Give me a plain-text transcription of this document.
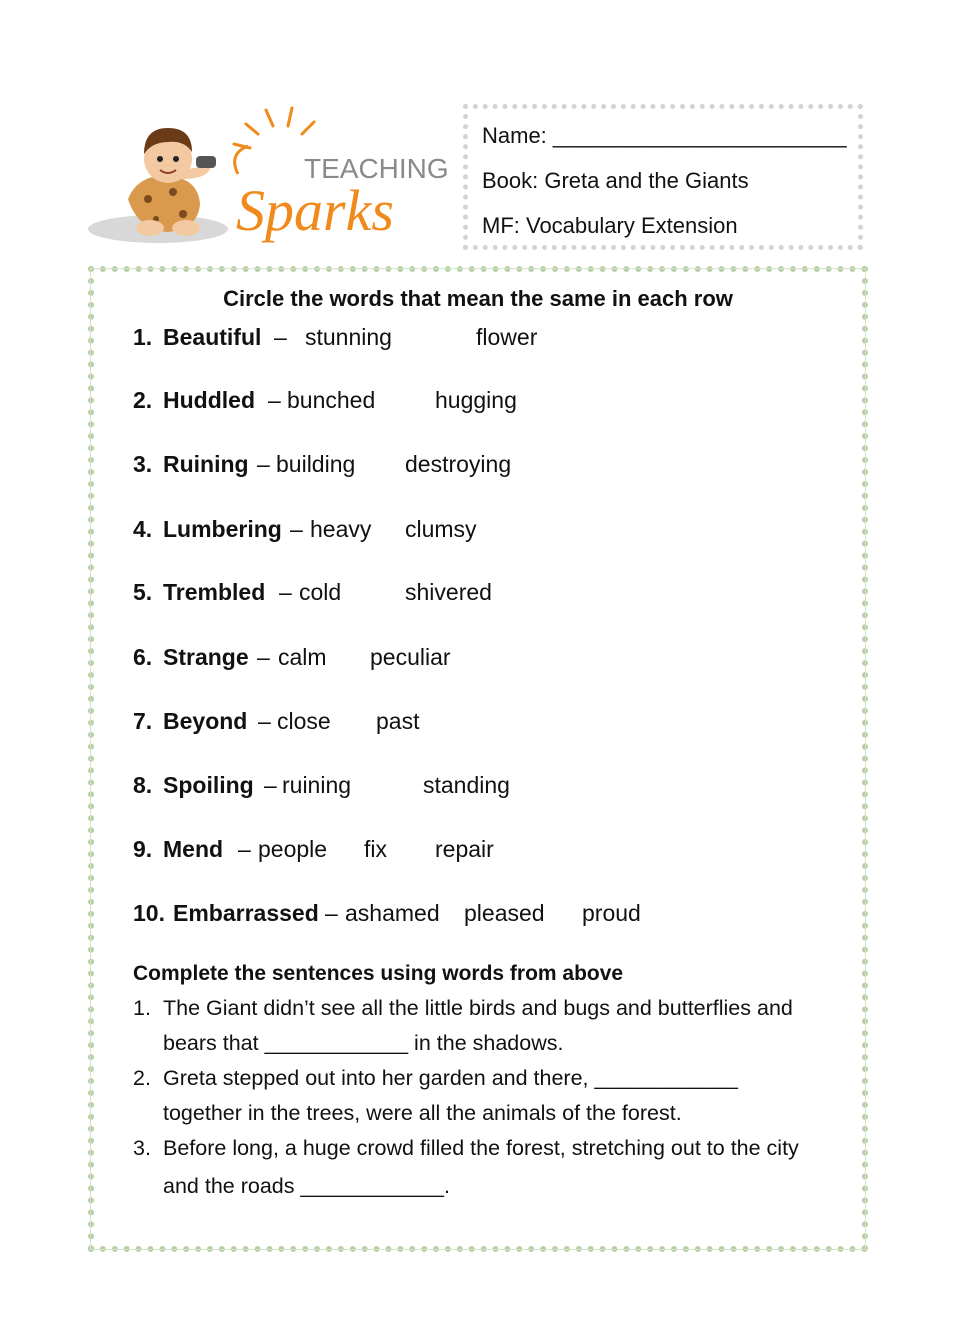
TEACHING
Sparks
Name: ________________________
Book: Greta and the Giants
MF: Vocabulary Extension
Circle the words that mean the same in each row
1. Beautiful – stunning	flower
2. Huddled – bunched	hugging
3. Ruining – building destroying
4. Lumbering – heavy clumsy
5. Trembled – cold	shivered
6. Strange – calm peculiar
7. Beyond – close past
8. Spoiling – ruining	standing
9. Mend – people fix repair
10. Embarrassed – ashamed pleased proud
Complete the sentences using words from above
1. The Giant didn’t see all the little birds and bugs and butterflies and
bears that ____________ in the shadows.
2. Greta stepped out into her garden and there, ____________
together in the trees, were all the animals of the forest.
3. Before long, a huge crowd filled the forest, stretching out to the city
and the roads ____________.
